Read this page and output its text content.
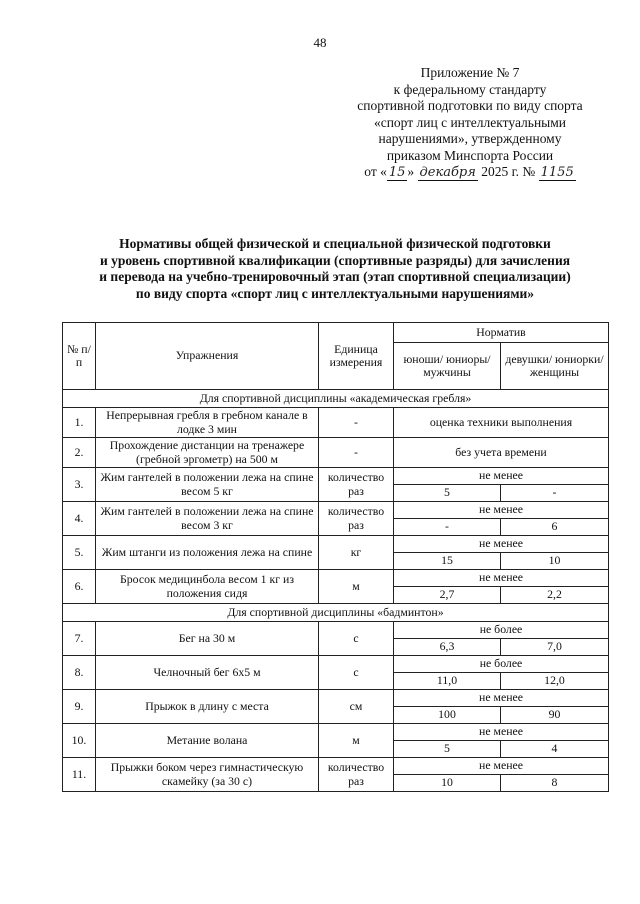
48
Приложение № 7
к федеральному стандарту
спортивной подготовки по виду спорта
«спорт лиц с интеллектуальными
нарушениями», утвержденному
приказом Минспорта России
от « 15 » декабря 2025 г. № 1155
Нормативы общей физической и специальной физической подготовки
и уровень спортивной квалификации (спортивные разряды) для зачисления
и перевода на учебно-тренировочный этап (этап спортивной специализации)
по виду спорта «спорт лиц с интеллектуальными нарушениями»
№ п/п	Упражнения	Единица измерения	Норматив	
			юноши/ юниоры/ мужчины	девушки/ юниорки/ женщины
Для спортивной дисциплины «академическая гребля»				
1.	Непрерывная гребля в гребном канале в лодке 3 мин	-	оценка техники выполнения	
2.	Прохождение дистанции на тренажере (гребной эргометр) на 500 м	-	без учета времени	
3.	Жим гантелей в положении лежа на спине весом 5 кг	количество раз	не менее	
			5	-
4.	Жим гантелей в положении лежа на спине весом 3 кг	количество раз	не менее	
			-	6
5.	Жим штанги из положения лежа на спине	кг	не менее	
			15	10
6.	Бросок медицинбола весом 1 кг из положения сидя	м	не менее	
			2,7	2,2
Для спортивной дисциплины «бадминтон»				
7.	Бег на 30 м	с	не более	
			6,3	7,0
8.	Челночный бег 6х5 м	с	не более	
			11,0	12,0
9.	Прыжок в длину с места	см	не менее	
			100	90
10.	Метание волана	м	не менее	
			5	4
11.	Прыжки боком через гимнастическую скамейку (за 30 с)	количество раз	не менее	
			10	8
